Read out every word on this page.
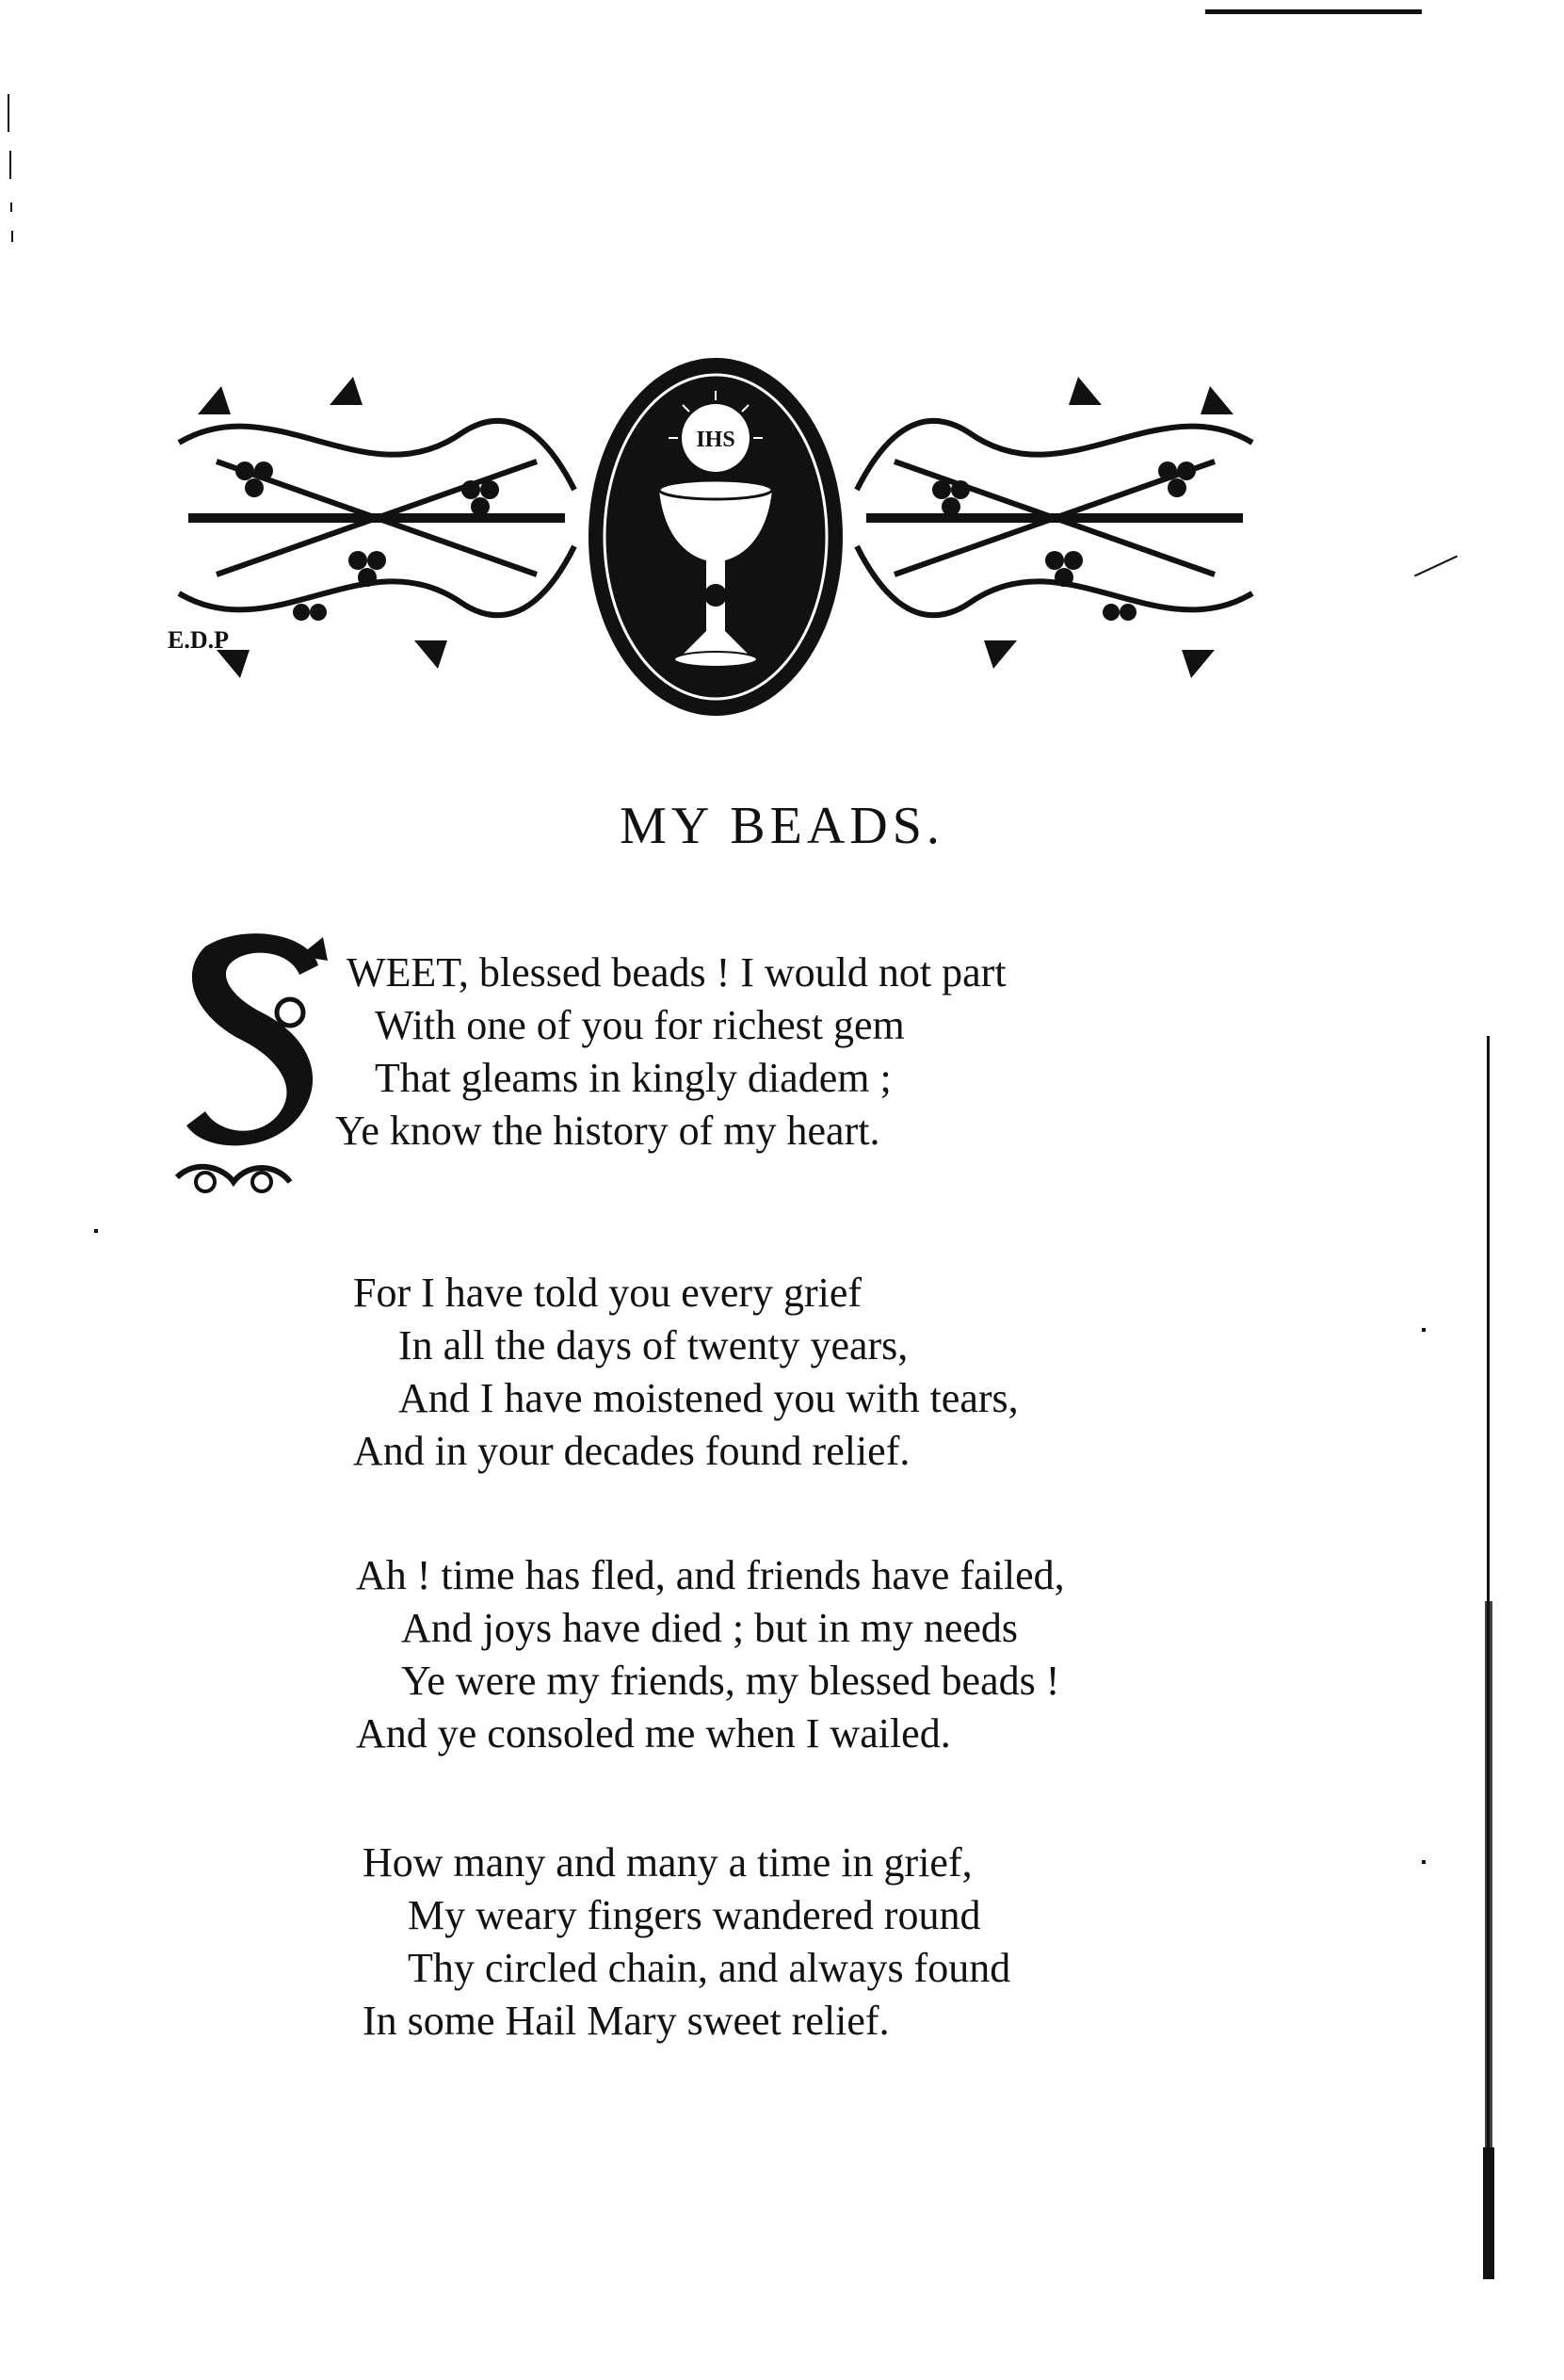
IHS
E.D.P
MY BEADS.
S
WEET, blessed beads ! I would not part
With one of you for richest gem
That gleams in kingly diadem ;
Ye know the history of my heart.
For I have told you every grief
In all the days of twenty years,
And I have moistened you with tears,
And in your decades found relief.
Ah ! time has fled, and friends have failed,
And joys have died ; but in my needs
Ye were my friends, my blessed beads !
And ye consoled me when I wailed.
How many and many a time in grief,
My weary fingers wandered round
Thy circled chain, and always found
In some Hail Mary sweet relief.
